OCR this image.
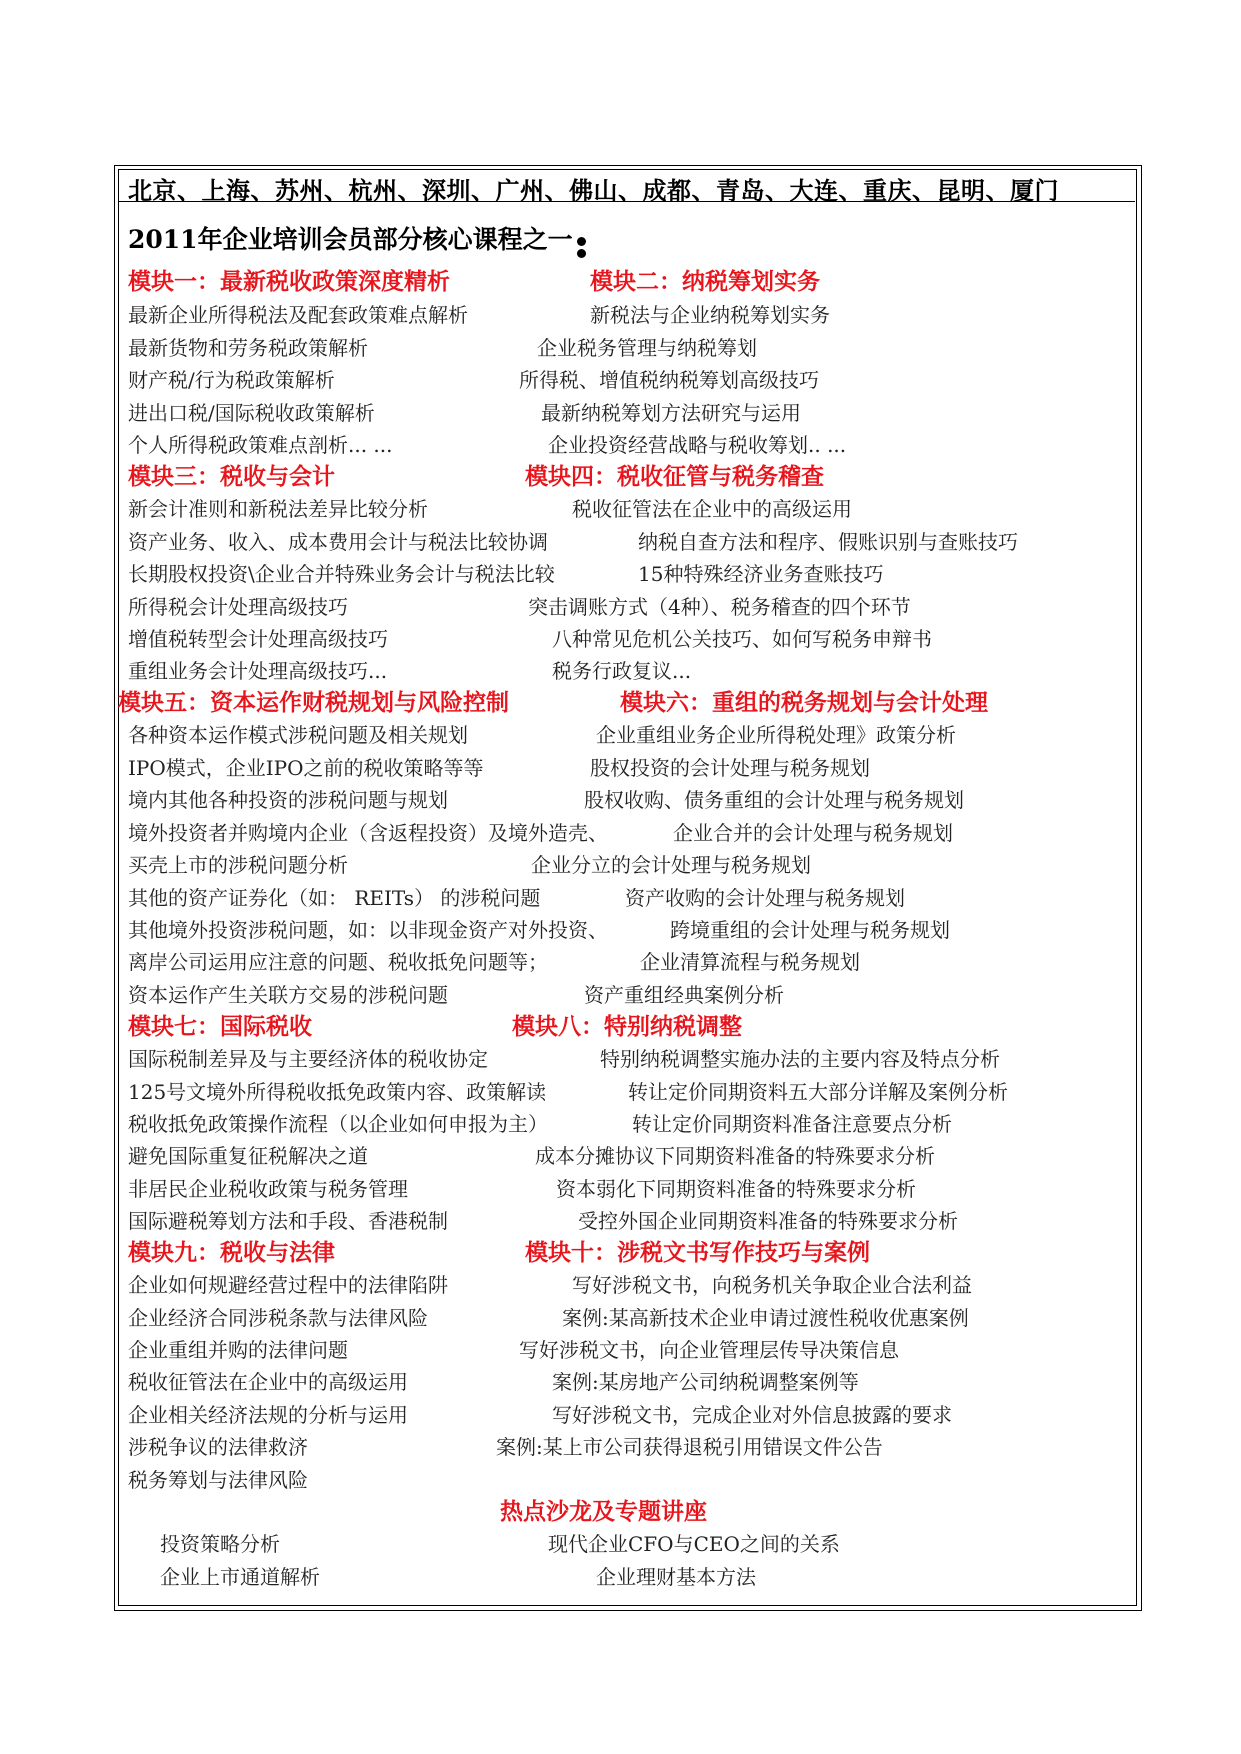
北京、上海、苏州、杭州、深圳、广州、佛山、成都、青岛、大连、重庆、昆明、厦门
2011年企业培训会员部分核心课程之一
模块一：最新税收政策深度精析	模块二：纳税筹划实务
最新企业所得税法及配套政策难点解析	新税法与企业纳税筹划实务
最新货物和劳务税政策解析	企业税务管理与纳税筹划
财产税/行为税政策解析	所得税、增值税纳税筹划高级技巧
进出口税/国际税收政策解析	最新纳税筹划方法研究与运用
个人所得税政策难点剖析... ...	企业投资经营战略与税收筹划.. ...
模块三：税收与会计	模块四：税收征管与税务稽查
新会计准则和新税法差异比较分析	税收征管法在企业中的高级运用
资产业务、收入、成本费用会计与税法比较协调	纳税自查方法和程序、假账识别与查账技巧
长期股权投资\企业合并特殊业务会计与税法比较	15种特殊经济业务查账技巧
所得税会计处理高级技巧	突击调账方式（4种）、税务稽查的四个环节
增值税转型会计处理高级技巧	八种常见危机公关技巧、如何写税务申辩书
重组业务会计处理高级技巧...	税务行政复议...
模块五：资本运作财税规划与风险控制	模块六：重组的税务规划与会计处理
各种资本运作模式涉税问题及相关规划	企业重组业务企业所得税处理》政策分析
IPO模式，企业IPO之前的税收策略等等	股权投资的会计处理与税务规划
境内其他各种投资的涉税问题与规划	股权收购、债务重组的会计处理与税务规划
境外投资者并购境内企业（含返程投资）及境外造壳、	企业合并的会计处理与税务规划
买壳上市的涉税问题分析	企业分立的会计处理与税务规划
其他的资产证券化（如： REITs） 的涉税问题	资产收购的会计处理与税务规划
其他境外投资涉税问题，如：以非现金资产对外投资、	跨境重组的会计处理与税务规划
离岸公司运用应注意的问题、税收抵免问题等；	企业清算流程与税务规划
资本运作产生关联方交易的涉税问题	资产重组经典案例分析
模块七：国际税收	模块八：特别纳税调整
国际税制差异及与主要经济体的税收协定	特别纳税调整实施办法的主要内容及特点分析
125号文境外所得税收抵免政策内容、政策解读	转让定价同期资料五大部分详解及案例分析
税收抵免政策操作流程（以企业如何申报为主）	转让定价同期资料准备注意要点分析
避免国际重复征税解决之道	成本分摊协议下同期资料准备的特殊要求分析
非居民企业税收政策与税务管理	资本弱化下同期资料准备的特殊要求分析
国际避税筹划方法和手段、香港税制	受控外国企业同期资料准备的特殊要求分析
模块九：税收与法律	模块十：涉税文书写作技巧与案例
企业如何规避经营过程中的法律陷阱	写好涉税文书，向税务机关争取企业合法利益
企业经济合同涉税条款与法律风险	案例:某高新技术企业申请过渡性税收优惠案例
企业重组并购的法律问题	写好涉税文书，向企业管理层传导决策信息
税收征管法在企业中的高级运用	案例:某房地产公司纳税调整案例等
企业相关经济法规的分析与运用	写好涉税文书，完成企业对外信息披露的要求
涉税争议的法律救济	案例:某上市公司获得退税引用错误文件公告
税务筹划与法律风险
热点沙龙及专题讲座
投资策略分析	现代企业CFO与CEO之间的关系
企业上市通道解析	企业理财基本方法
